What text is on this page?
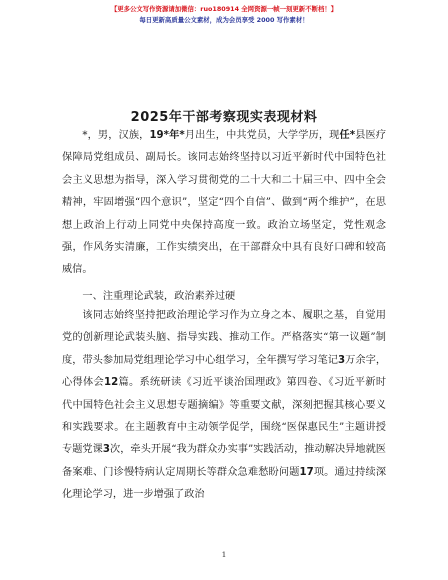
【更多公文写作资源请加微信：ruo180914 全网资源一帧一刻更新不断档！】
每日更新高质量公文素材，成为会员享受 2000 写作素材！
2025年干部考察现实表现材料

*，男，汉族，19*年*月出生，中共党员，大学学历，现任*县医疗保障局党组成员、副局长。该同志始终坚持以习近平新时代中国特色社会主义思想为指导，深入学习贯彻党的二十大和二十届三中、四中全会精神，牢固增强“四个意识”，坚定“四个自信”、做到“两个维护”，在思想上政治上行动上同党中央保持高度一致。政治立场坚定，党性观念强，作风务实清廉，工作实绩突出，在干部群众中具有良好口碑和较高威信。

一、注重理论武装，政治素养过硬

该同志始终坚持把政治理论学习作为立身之本、履职之基，自觉用党的创新理论武装头脑、指导实践、推动工作。严格落实“第一议题”制度，带头参加局党组理论学习中心组学习，全年撰写学习笔记3万余字，心得体会12篇。系统研读《习近平谈治国理政》第四卷、《习近平新时代中国特色社会主义思想专题摘编》等重要文献，深刻把握其核心要义和实践要求。在主题教育中主动领学促学，围绕“医保惠民生”主题讲授专题党课3次，牵头开展“我为群众办实事”实践活动，推动解决异地就医备案难、门诊慢特病认定周期长等群众急难愁盼问题17项。通过持续深化理论学习，进一步增强了政治

1
